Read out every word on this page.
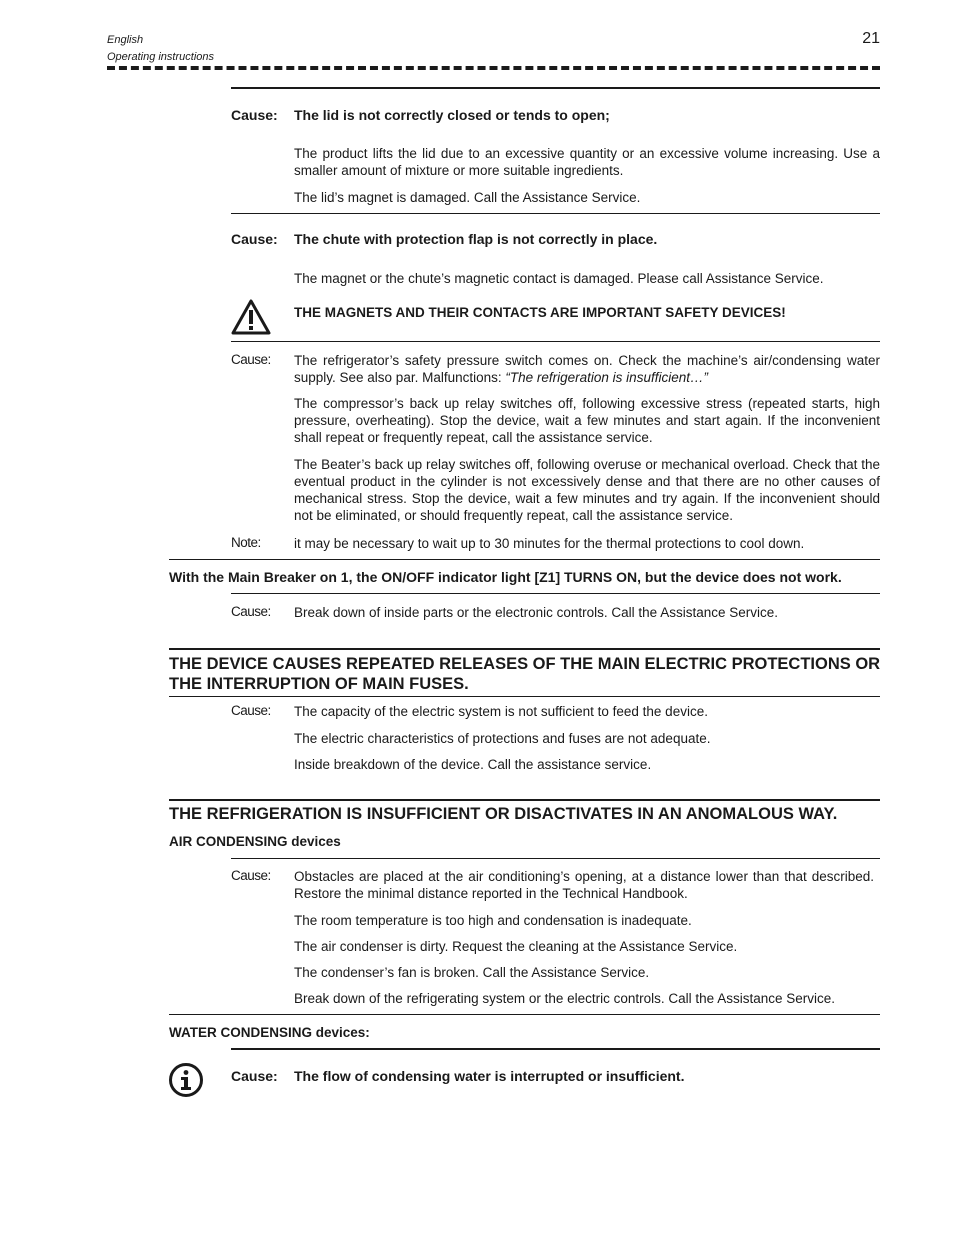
English
Operating instructions
21
Cause: The lid is not correctly closed or tends to open;
The product lifts the lid due to an excessive quantity or an excessive volume increasing. Use a smaller amount of mixture or more suitable ingredients.
The lid’s magnet is damaged. Call the Assistance Service.
Cause: The chute with protection flap is not correctly in place.
The magnet or the chute’s magnetic contact is damaged. Please call Assistance Service.
THE MAGNETS AND THEIR CONTACTS ARE IMPORTANT SAFETY DEVICES!
Cause: The refrigerator’s safety pressure switch comes on. Check the machine’s air/condensing water supply. See also par. Malfunctions: “The refrigeration is insufficient…”
The compressor’s back up relay switches off, following excessive stress (repeated starts, high pressure, overheating). Stop the device, wait a few minutes and start again. If the inconvenient shall repeat or frequently repeat, call the assistance service.
The Beater’s back up relay switches off, following overuse or mechanical overload. Check that the eventual product in the cylinder is not excessively dense and that there are no other causes of mechanical stress. Stop the device, wait a few minutes and try again. If the inconvenient should not be eliminated, or should frequently repeat, call the assistance service.
Note: it may be necessary to wait up to 30 minutes for the thermal protections to cool down.
With the Main Breaker on 1, the ON/OFF indicator light [Z1] TURNS ON, but the device does not work.
Cause: Break down of inside parts or the electronic controls. Call the Assistance Service.
THE DEVICE CAUSES REPEATED RELEASES OF THE MAIN ELECTRIC PROTECTIONS OR THE INTERRUPTION OF MAIN FUSES.
Cause: The capacity of the electric system is not sufficient to feed the device.
The electric characteristics of protections and fuses are not adequate.
Inside breakdown of the device. Call the assistance service.
THE REFRIGERATION IS INSUFFICIENT OR DISACTIVATES IN AN ANOMALOUS WAY.
AIR CONDENSING devices
Cause: Obstacles are placed at the air conditioning’s opening, at a distance lower than that described. Restore the minimal distance reported in the Technical Handbook.
The room temperature is too high and condensation is inadequate.
The air condenser is dirty. Request the cleaning at the Assistance Service.
The condenser’s fan is broken. Call the Assistance Service.
Break down of the refrigerating system or the electric controls. Call the Assistance Service.
WATER CONDENSING devices:
Cause: The flow of condensing water is interrupted or insufficient.
